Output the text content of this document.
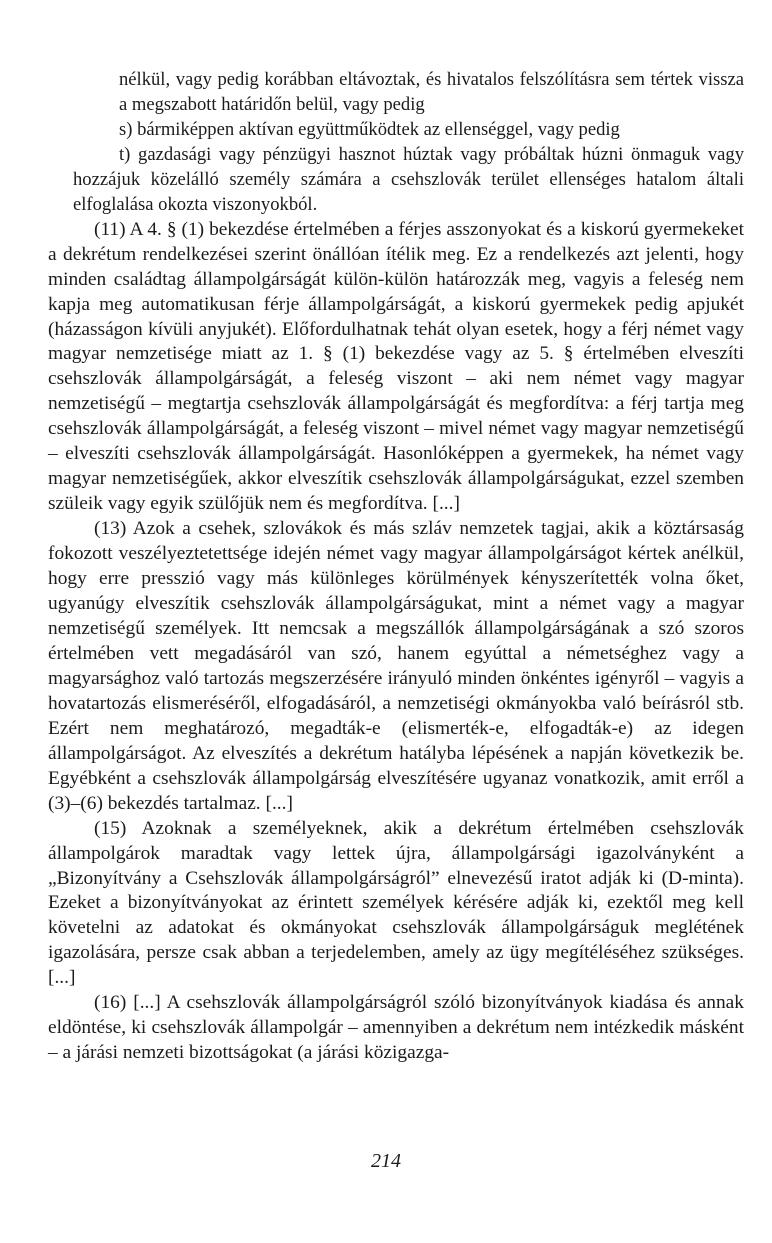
nélkül, vagy pedig korábban eltávoztak, és hivatalos felszólításra sem tértek vissza a megszabott határidőn belül, vagy pedig

s) bármiképpen aktívan együttműködtek az ellenséggel, vagy pedig

t) gazdasági vagy pénzügyi hasznot húztak vagy próbáltak húzni önmaguk vagy hozzájuk közelálló személy számára a csehszlovák terület ellenséges hatalom általi elfoglalása okozta viszonyokból.

(11) A 4. § (1) bekezdése értelmében a férjes asszonyokat és a kiskorú gyermekeket a dekrétum rendelkezései szerint önállóan ítélik meg. Ez a rendelkezés azt jelenti, hogy minden családtag állampolgárságát külön-külön határozzák meg, vagyis a feleség nem kapja meg automatikusan férje állampolgárságát, a kiskorú gyermekek pedig apjukét (házasságon kívüli anyjukét). Előfordulhatnak tehát olyan esetek, hogy a férj német vagy magyar nemzetisége miatt az 1. § (1) bekezdése vagy az 5. § értelmében elveszíti csehszlovák állampolgárságát, a feleség viszont – aki nem német vagy magyar nemzetiségű – megtartja csehszlovák állampolgárságát és megfordítva: a férj tartja meg csehszlovák állampolgárságát, a feleség viszont – mivel német vagy magyar nemzetiségű – elveszíti csehszlovák állampolgárságát. Hasonlóképpen a gyermekek, ha német vagy magyar nemzetiségűek, akkor elveszítik csehszlovák állampolgárságukat, ezzel szemben szüleik vagy egyik szülőjük nem és megfordítva. [...]

(13) Azok a csehek, szlovákok és más szláv nemzetek tagjai, akik a köztársaság fokozott veszélyeztetettsége idején német vagy magyar állampolgárságot kértek anélkül, hogy erre presszió vagy más különleges körülmények kényszerítették volna őket, ugyanúgy elveszítik csehszlovák állampolgárságukat, mint a német vagy a magyar nemzetiségű személyek. Itt nemcsak a megszállók állampolgárságának a szó szoros értelmében vett megadásáról van szó, hanem egyúttal a németséghez vagy a magyarsághoz való tartozás megszerzésére irányuló minden önkéntes igényről – vagyis a hovatartozás elismeréséről, elfogadásáról, a nemzetiségi okmányokba való beírásról stb. Ezért nem meghatározó, megadták-e (elismerték-e, elfogadták-e) az idegen állampolgárságot. Az elveszítés a dekrétum hatályba lépésének a napján következik be. Egyébként a csehszlovák állampolgárság elveszítésére ugyanaz vonatkozik, amit erről a (3)–(6) bekezdés tartalmaz. [...]

(15) Azoknak a személyeknek, akik a dekrétum értelmében csehszlovák állampolgárok maradtak vagy lettek újra, állampolgársági igazolványként a „Bizonyítvány a Csehszlovák állampolgárságról” elnevezésű iratot adják ki (D-minta). Ezeket a bizonyítványokat az érintett személyek kérésére adják ki, ezektől meg kell követelni az adatokat és okmányokat csehszlovák állampolgárságuk meglétének igazolására, persze csak abban a terjedelemben, amely az ügy megítéléséhez szükséges. [...]

(16) [...] A csehszlovák állampolgárságról szóló bizonyítványok kiadása és annak eldöntése, ki csehszlovák állampolgár – amennyiben a dekrétum nem intézkedik másként – a járási nemzeti bizottságokat (a járási közigazga-

214
